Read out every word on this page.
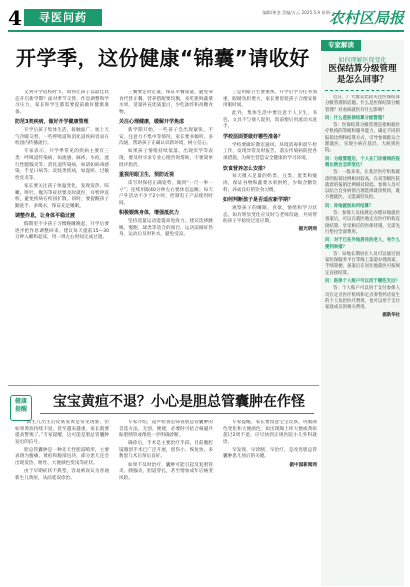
4	寻医问药	编辑/黄金 美编/万云 2025.5.9 星期一
农村区局报
开学季，这份健康“锦囊”请收好

又到开学返校时节，如何让孩子以最佳状态开启新学期？面对季节交替、作息调整和学习压力，家长和学生都需要提前做好健康准备。

防范3类疾病，做好开学健康管理

开学后孩子集体生活，接触面广，加上天气冷暖交替，一些呼吸道和消化道疾病容易在校园内传播流行。

专家表示，开学季常见的疾病主要有三类：呼吸道传染病，如流感、麻疹、水痘、流行性腮腺炎等；消化道传染病，如诺如病毒感染、手足口病等；皮肤类疾病，如湿疹、过敏性皮炎等。

家长要关注孩子体温变化，发现发热、咳嗽、呕吐、腹泻等症状要及时就医，并暂停返校，避免疾病在校园扩散。同时，要提醒孩子勤洗手、多喝水，保证充足睡眠。

调整作息，让身体平稳过渡

假期里不少孩子习惯晚睡晚起，开学后要逐步把作息调整回来。建议每天提前15—30分钟入睡和起床，用一周左右时间完成过渡。

三餐要定时定量，保证早餐质量，避免零食代替正餐。营养搭配要均衡，多吃新鲜蔬菜水果，适量补充优质蛋白，少吃油炸和高糖食物。

关注心理健康，缓解开学焦虑

新学期开始，一些孩子会出现紧张、不安、注意力不集中等情况，家长要多倾听、多沟通，帮助孩子正确认识新环境，树立信心。

如果孩子情绪持续低落、出现厌学等表现，要及时寻求专业心理咨询帮助，不要简单批评指责。

重视用眼卫生，预防近视

读写时保持正确姿势，做到“一尺一拳一寸”；连续用眼40分钟左右要休息远眺；每天户外活动不少于2小时，控制电子产品使用时间。

积极锻炼身体，增强抵抗力

坚持适量运动能提高免疫力。建议选择跳绳、慢跑、球类等适合的项目，运动前做好热身，运动后及时补水，避免受凉。

三是用眼卫生要重视，开学后学习任务加重，眼睛负担增大，家长要督促孩子合理安排用眼时间。

此外，集体生活中要注意个人卫生，书包、文具不与他人混用，饭前便后用流动水洗手。

学校层面要做好哪些准备？

学校要做好教室通风、环境消毒和晨午检工作，发现异常及时报告，落实传染病防控各项措施，为师生营造安全健康的学习环境。

饮食营养怎么安排？

每天摄入足量的奶类、豆类、蛋类和瘦肉，保证谷物和蔬菜水果供给，少喝含糖饮料，养成良好的饮食习惯。

如何判断孩子是否适应新学期？

观察孩子的睡眠、食欲、情绪和学习状态，如有明显变化应及时与老师沟通，共同帮助孩子平稳度过适应期。

据光明网

专家解读
如何理解医保变化
医保结算分级管理是怎么回事？

近日，广大群众比较关注医保结算分级管理的话题。什么是医保结算分级管理？对看病就医有什么影响？

问：什么是医保结算分级管理？

答：医保结算分级管理是指根据医疗机构的等级和服务能力，确定不同的报销比例和结算方式，引导参保群众合理就医，实现小病在基层、大病到医院。

问：分级管理后，个人在门诊看病的报销比例会怎样变化？

答：一般来说，在基层医疗机构就诊的报销比例相对较高，在高等级医院就诊的报销比例相对较低。参保人员可以结合自身病情合理选择就诊机构，既方便就医，又能减轻负担。

问：异地就医如何结算？

答：参保人员按规定办理异地就医备案后，可以在就医地定点医疗机构直接结算，享受相应的医保待遇，无需先行垫付全部费用。

问：对于已在外地居住的老人，有什么便利举措？

答：异地长期居住人员可以通过国家医保服务平台等线上渠道办理备案，手续简便，备案后在居住地就医可按规定直接结算。

问：医保个人账户可以用于哪些支出？

答：个人账户可以用于支付参保人员在定点医疗机构和定点零售药店发生的个人负担医疗费用，也可以用于支付家庭成员的相关费用。

据新华社

健康 提醒	宝宝黄疸不退？小心是胆总管囊肿在作怪

“新生儿出生后皮肤发黄是常见现象，但如果黄疸持续不退，甚至越来越重，家长就要提高警惕了。”专家提醒，这可能是胆总管囊肿发出的信号。

胆总管囊肿是一种先天性胆道畸形，主要表现为腹痛、黄疸和腹部包块，部分患儿还会出现发热、呕吐、大便颜色变浅等症状。

由于早期症状不典型，容易被误认为普通新生儿黄疸，从而延误诊治。

专家介绍，超声检查是筛查胆总管囊肿的首选方法，无创、便捷，必要时可结合核磁共振胆胰管成像进一步明确诊断。

确诊后，手术是主要治疗手段。目前腹腔镜微创手术已广泛开展，创伤小、恢复快，多数患儿术后预后良好。

如果不及时治疗，囊肿可能引起反复胆管炎、胰腺炎、胆道穿孔，甚至增加成年后癌变风险。

专家提醒，家长要留意宝宝皮肤、巩膜颜色变化和大便颜色，如出现陶土样大便或黄疸超过2周不退，应尽快到正规医院小儿外科就诊。

早发现、早诊断、早治疗，是改善胆总管囊肿患儿预后的关键。

据中国新闻网
